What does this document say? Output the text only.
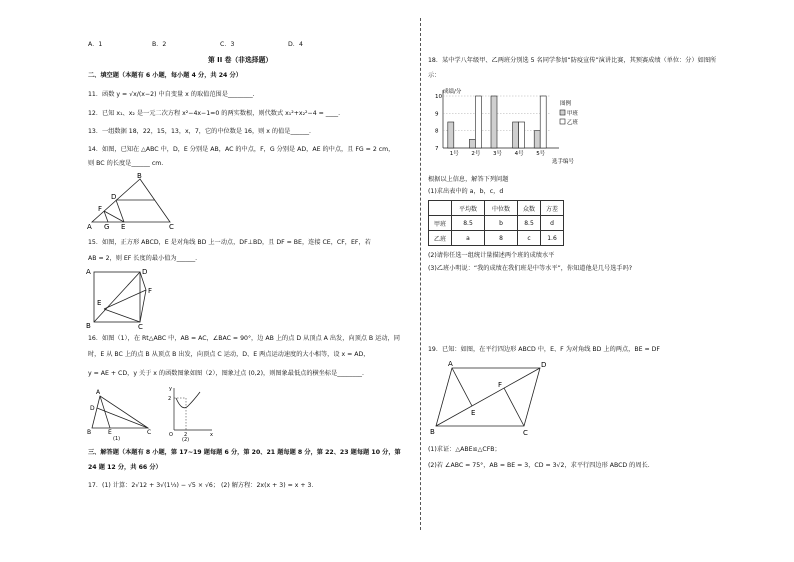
A．1	B．2	C．3	D．4
第 II 卷（非选择题）
二、填空题（本题有 6 小题，每小题 4 分，共 24 分）
11．函数 y = √x/(x−2) 中自变量 x 的取值范围是________.
12．已知 x₁、x₂ 是一元二次方程 x²−4x−1=0 的两实数根，则代数式 x₁²+x₂²−4 = ____.
13．一组数据 18，22，15，13，x，7，它的中位数是 16，则 x 的值是______.
14．如图，已知在 △ABC 中，D，E 分别是 AB，AC 的中点，F，G 分别是 AD，AE 的中点，且 FG = 2 cm，
则 BC 的长度是______ cm.
B
D
F
A G E	C
15．如图，正方形 ABCD，E 是对角线 BD 上一动点，DF⊥BD，且 DF = BE，连接 CE，CF，EF，若
AB = 2，则 EF 长度的最小值为______.
A	D
F
E
B	C
16．如图（1），在 Rt△ABC 中，AB = AC，∠BAC = 90°，边 AB 上的点 D 从顶点 A 出发，向顶点 B 运动，同
时，E 从 BC 上的点 B 从顶点 B 出发，向顶点 C 运动，D、E 两点运动速度的大小相等，设 x = AD，
y = AE + CD，y 关于 x 的函数图象如图（2），图象过点 (0,2)，则图象最低点的横坐标是________.
A
D
B	E	C
(1)
y
2
O 2	x
(2)
三、解答题（本题有 8 小题，第 17~19 题每题 6 分，第 20、21 题每题 8 分，第 22、23 题每题 10 分，第
24 题 12 分，共 66 分）
17．(1) 计算：2√12 + 3√(1⅓) − √5 × √6； (2) 解方程：2x(x + 3) = x + 3．
18．某中学八年级甲、乙两班分别选 5 名同学参加“防疫宣传”演讲比赛，其预赛成绩（单位：分）如图所
示：
成绩/分
图例
甲班
乙班
选手编号
7
8
9
10
1号 2号 3号 4号 5号
根据以上信息，解答下列问题
(1)求出表中的 a，b，c，d
	平均数	中位数	众数	方差
甲班	8.5	b	8.5	d
乙班	a	8	c	1.6
(2)请你任选一组统计量描述两个班的成绩水平
(3)乙班小明说：“我的成绩在我们班是中等水平”，你知道他是几号选手吗?
19．已知：如图，在平行四边形 ABCD 中，E、F 为对角线 BD 上的两点，BE = DF
A	D
F
E
B	C
(1)求证：△ABE≌△CFB；
(2)若 ∠ABC = 75°，AB = BE = 3，CD = 3√2，求平行四边形 ABCD 的周长.
